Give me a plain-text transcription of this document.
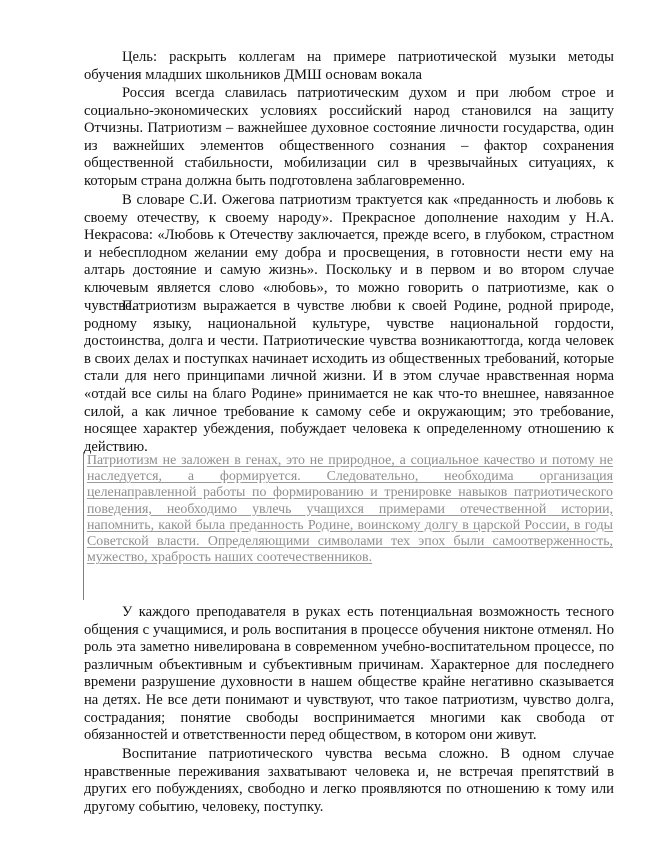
Цель: раскрыть коллегам на примере патриотической музыки методы обучения младших школьников ДМШ основам вокала

Россия всегда славилась патриотическим духом и при любом строе и социально-экономических условиях российский народ становился на защиту Отчизны. Патриотизм – важнейшее духовное состояние личности государства, один из важнейших элементов общественного сознания – фактор сохранения общественной стабильности, мобилизации сил в чрезвычайных ситуациях, к которым страна должна быть подготовлена заблаговременно.

В словаре С.И. Ожегова патриотизм трактуется как «преданность и любовь к своему отечеству, к своему народу». Прекрасное дополнение находим у Н.А. Некрасова: «Любовь к Отечеству заключается, прежде всего, в глубоком, страстном и небесплодном желании ему добра и просвещения, в готовности нести ему на алтарь достояние и самую жизнь». Поскольку и в первом и во втором случае ключевым является слово «любовь», то можно говорить о патриотизме, как о чувстве.

Патриотизм выражается в чувстве любви к своей Родине, родной природе, родному языку, национальной культуре, чувстве национальной гордости, достоинства, долга и чести. Патриотические чувства возникаюттогда, когда человек в своих делах и поступках начинает исходить из общественных требований, которые стали для него принципами личной жизни. И в этом случае нравственная норма «отдай все силы на благо Родине» принимается не как что-то внешнее, навязанное силой, а как личное требование к самому себе и окружающим; это требование, носящее характер убеждения, побуждает человека к определенному отношению к действию.

Патриотизм не заложен в генах, это не природное, а социальное качество и потому не наследуется, а формируется. Следовательно, необходима организация целенаправленной работы по формированию и тренировке навыков патриотического поведения, необходимо увлечь учащихся примерами отечественной истории, напомнить, какой была преданность Родине, воинскому долгу в царской России, в годы Советской власти. Определяющими символами тех эпох были самоотверженность, мужество, храбрость наших соотечественников.

У каждого преподавателя в руках есть потенциальная возможность тесного общения с учащимися, и роль воспитания в процессе обучения никтоне отменял. Но роль эта заметно нивелирована в современном учебно-воспитательном процессе, по различным объективным и субъективным причинам. Характерное для последнего времени разрушение духовности в нашем обществе крайне негативно сказывается на детях. Не все дети понимают и чувствуют, что такое патриотизм, чувство долга, сострадания; понятие свободы воспринимается многими как свобода от обязанностей и ответственности перед обществом, в котором они живут.

Воспитание патриотического чувства весьма сложно. В одном случае нравственные переживания захватывают человека и, не встречая препятствий в других его побуждениях, свободно и легко проявляются по отношению к тому или другому событию, человеку, поступку.
